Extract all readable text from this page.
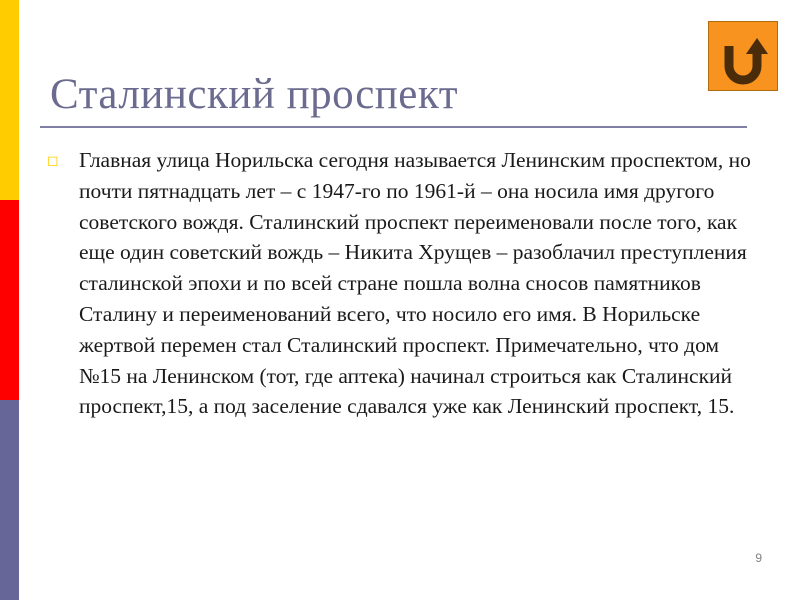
Сталинский проспект
◻ Главная улица Норильска сегодня называется Ленинским проспектом, но почти пятнадцать лет – с 1947-го по 1961-й – она носила имя другого советского вождя. Сталинский проспект переименовали после того, как еще один советский вождь – Никита Хрущев – разоблачил преступления сталинской эпохи и по всей стране пошла волна сносов памятников Сталину и переименований всего, что носило его имя. В Норильске жертвой перемен стал Сталинский проспект. Примечательно, что дом №15 на Ленинском (тот, где аптека) начинал строиться как Сталинский проспект,15, а под заселение сдавался уже как Ленинский проспект, 15.
9
